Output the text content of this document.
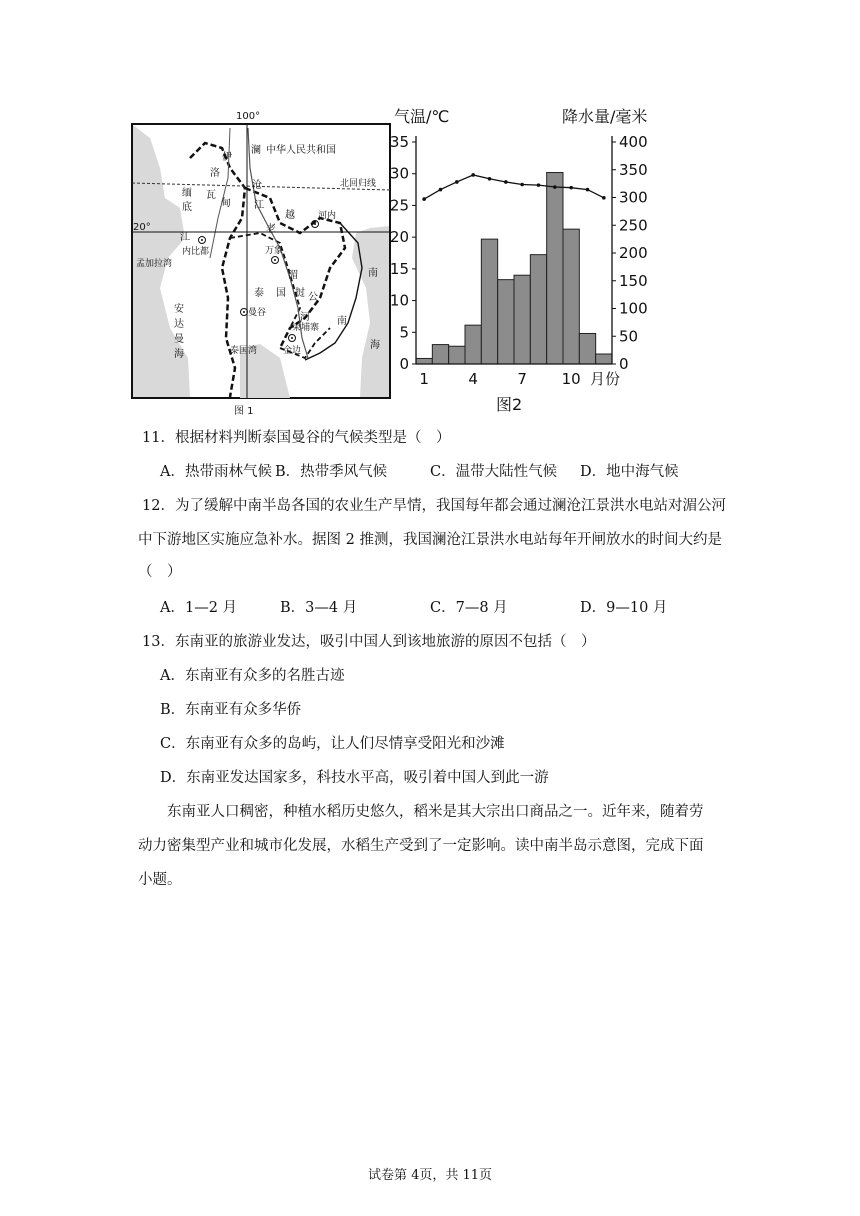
100°
20°
中华人民共和国
北回归线
澜
伊
洛
瓦
底
缅
甸
江
沧
江
越	河内
老
内比都
孟加拉湾
万象
湄
挝 公
河
泰 国
曼谷
柬埔寨
金边
泰国湾
安
达
曼
海
南
南
海
图 1
气温/℃	降水量/毫米
0
5
10
15
20
25
30
35
0
50
100
150
200
250
300
350
400
1	4	7 10 月份
图2
11．根据材料判断泰国曼谷的气候类型是（　）
A．热带雨林气候 B．热带季风气候	C．温带大陆性气候 D．地中海气候
12．为了缓解中南半岛各国的农业生产旱情，我国每年都会通过澜沧江景洪水电站对湄公河
中下游地区实施应急补水。据图 2 推测，我国澜沧江景洪水电站每年开闸放水的时间大约是
（　）
A．1—2 月	B．3—4 月	C．7—8 月	D．9—10 月
13．东南亚的旅游业发达，吸引中国人到该地旅游的原因不包括（　）
A．东南亚有众多的名胜古迹
B．东南亚有众多华侨
C．东南亚有众多的岛屿，让人们尽情享受阳光和沙滩
D．东南亚发达国家多，科技水平高，吸引着中国人到此一游
东南亚人口稠密，种植水稻历史悠久，稻米是其大宗出口商品之一。近年来，随着劳动力密集型产业和城市化发展，水稻生产受到了一定影响。读中南半岛示意图，完成下面小题。
试卷第 4页，共 11页
